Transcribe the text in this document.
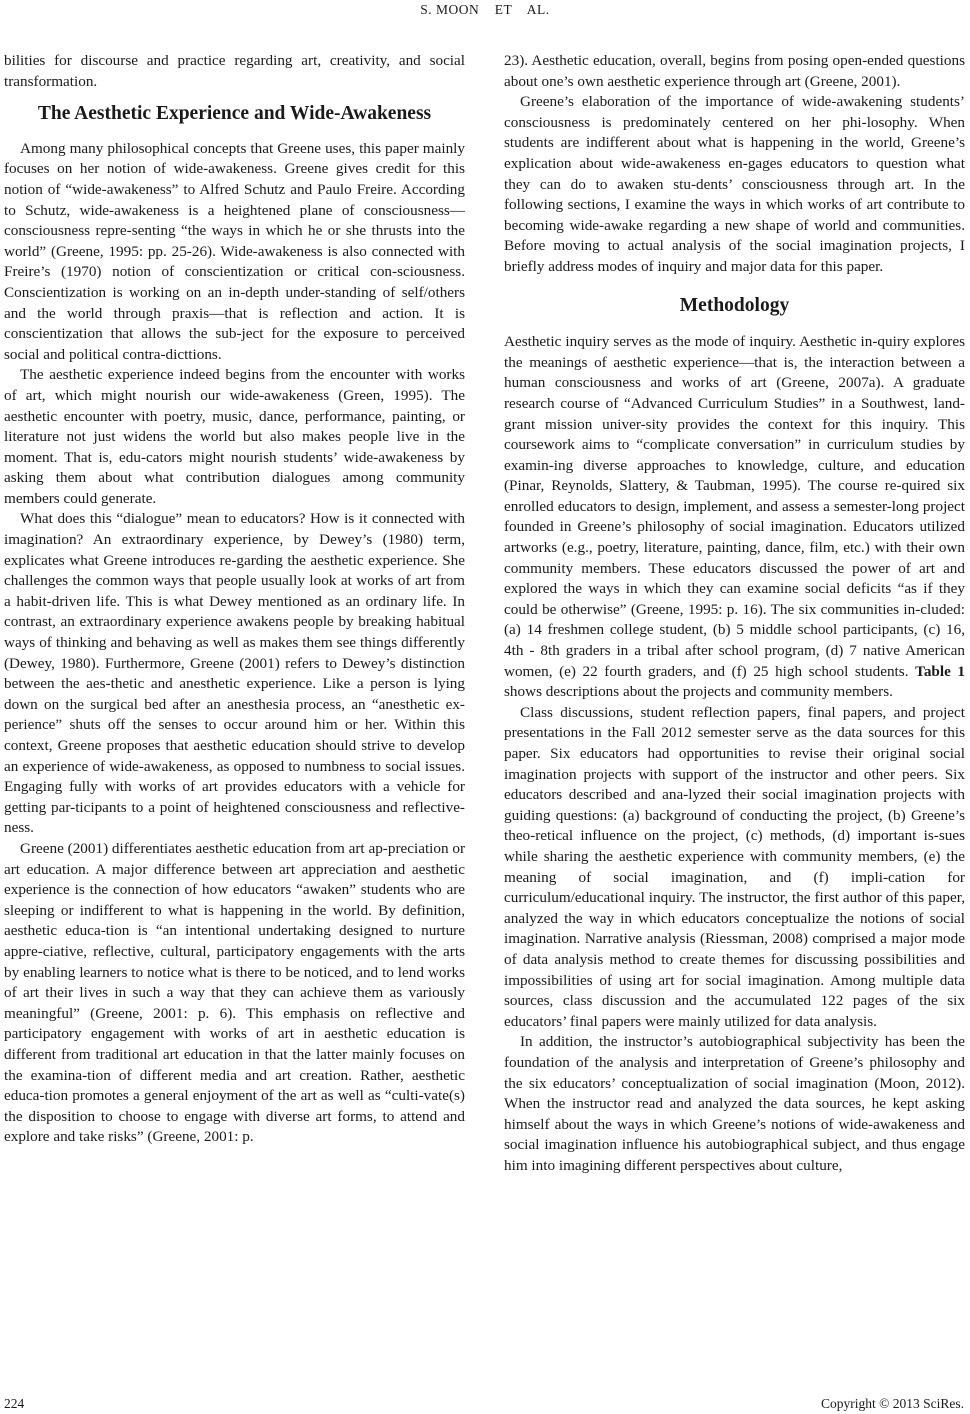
S. MOON    ET    AL.

bilities for discourse and practice regarding art, creativity, and social transformation.

The Aesthetic Experience and Wide-Awakeness

Among many philosophical concepts that Greene uses, this paper mainly focuses on her notion of wide-awakeness. Greene gives credit for this notion of “wide-awakeness” to Alfred Schutz and Paulo Freire. According to Schutz, wide-awakeness is a heightened plane of consciousness—consciousness repre-senting “the ways in which he or she thrusts into the world” (Greene, 1995: pp. 25-26). Wide-awakeness is also connected with Freire’s (1970) notion of conscientization or critical con-sciousness. Conscientization is working on an in-depth under-standing of self/others and the world through praxis—that is reflection and action. It is conscientization that allows the sub-ject for the exposure to perceived social and political contra-dicttions.

The aesthetic experience indeed begins from the encounter with works of art, which might nourish our wide-awakeness (Green, 1995). The aesthetic encounter with poetry, music, dance, performance, painting, or literature not just widens the world but also makes people live in the moment. That is, edu-cators might nourish students’ wide-awakeness by asking them about what contribution dialogues among community members could generate.

What does this “dialogue” mean to educators? How is it connected with imagination? An extraordinary experience, by Dewey’s (1980) term, explicates what Greene introduces re-garding the aesthetic experience. She challenges the common ways that people usually look at works of art from a habit-driven life. This is what Dewey mentioned as an ordinary life. In contrast, an extraordinary experience awakens people by breaking habitual ways of thinking and behaving as well as makes them see things differently (Dewey, 1980). Furthermore, Greene (2001) refers to Dewey’s distinction between the aes-thetic and anesthetic experience. Like a person is lying down on the surgical bed after an anesthesia process, an “anesthetic ex-perience” shuts off the senses to occur around him or her. Within this context, Greene proposes that aesthetic education should strive to develop an experience of wide-awakeness, as opposed to numbness to social issues. Engaging fully with works of art provides educators with a vehicle for getting par-ticipants to a point of heightened consciousness and reflective-ness.

Greene (2001) differentiates aesthetic education from art ap-preciation or art education. A major difference between art appreciation and aesthetic experience is the connection of how educators “awaken” students who are sleeping or indifferent to what is happening in the world. By definition, aesthetic educa-tion is “an intentional undertaking designed to nurture appre-ciative, reflective, cultural, participatory engagements with the arts by enabling learners to notice what is there to be noticed, and to lend works of art their lives in such a way that they can achieve them as variously meaningful” (Greene, 2001: p. 6). This emphasis on reflective and participatory engagement with works of art in aesthetic education is different from traditional art education in that the latter mainly focuses on the examina-tion of different media and art creation. Rather, aesthetic educa-tion promotes a general enjoyment of the art as well as “culti-vate(s) the disposition to choose to engage with diverse art forms, to attend and explore and take risks” (Greene, 2001: p.

23). Aesthetic education, overall, begins from posing open-ended questions about one’s own aesthetic experience through art (Greene, 2001).

Greene’s elaboration of the importance of wide-awakening students’ consciousness is predominately centered on her phi-losophy. When students are indifferent about what is happening in the world, Greene’s explication about wide-awakeness en-gages educators to question what they can do to awaken stu-dents’ consciousness through art. In the following sections, I examine the ways in which works of art contribute to becoming wide-awake regarding a new shape of world and communities. Before moving to actual analysis of the social imagination projects, I briefly address modes of inquiry and major data for this paper.

Methodology

Aesthetic inquiry serves as the mode of inquiry. Aesthetic in-quiry explores the meanings of aesthetic experience—that is, the interaction between a human consciousness and works of art (Greene, 2007a). A graduate research course of “Advanced Curriculum Studies” in a Southwest, land-grant mission univer-sity provides the context for this inquiry. This coursework aims to “complicate conversation” in curriculum studies by examin-ing diverse approaches to knowledge, culture, and education (Pinar, Reynolds, Slattery, & Taubman, 1995). The course re-quired six enrolled educators to design, implement, and assess a semester-long project founded in Greene’s philosophy of social imagination. Educators utilized artworks (e.g., poetry, literature, painting, dance, film, etc.) with their own community members. These educators discussed the power of art and explored the ways in which they can examine social deficits “as if they could be otherwise” (Greene, 1995: p. 16). The six communities in-cluded: (a) 14 freshmen college student, (b) 5 middle school participants, (c) 16, 4th - 8th graders in a tribal after school program, (d) 7 native American women, (e) 22 fourth graders, and (f) 25 high school students. Table 1 shows descriptions about the projects and community members.

Class discussions, student reflection papers, final papers, and project presentations in the Fall 2012 semester serve as the data sources for this paper. Six educators had opportunities to revise their original social imagination projects with support of the instructor and other peers. Six educators described and ana-lyzed their social imagination projects with guiding questions: (a) background of conducting the project, (b) Greene’s theo-retical influence on the project, (c) methods, (d) important is-sues while sharing the aesthetic experience with community members, (e) the meaning of social imagination, and (f) impli-cation for curriculum/educational inquiry. The instructor, the first author of this paper, analyzed the way in which educators conceptualize the notions of social imagination. Narrative analysis (Riessman, 2008) comprised a major mode of data analysis method to create themes for discussing possibilities and impossibilities of using art for social imagination. Among multiple data sources, class discussion and the accumulated 122 pages of the six educators’ final papers were mainly utilized for data analysis.

In addition, the instructor’s autobiographical subjectivity has been the foundation of the analysis and interpretation of Greene’s philosophy and the six educators’ conceptualization of social imagination (Moon, 2012). When the instructor read and analyzed the data sources, he kept asking himself about the ways in which Greene’s notions of wide-awakeness and social imagination influence his autobiographical subject, and thus engage him into imagining different perspectives about culture,

224	Copyright © 2013 SciRes.
